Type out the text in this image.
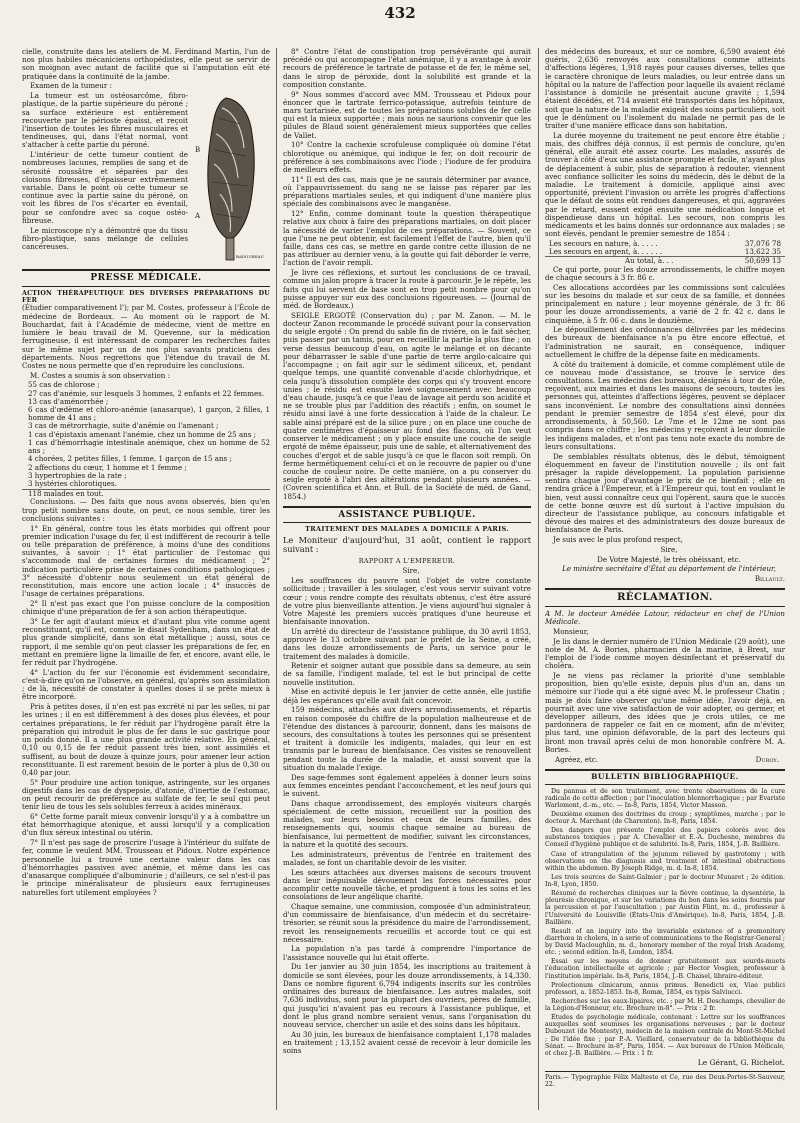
432

cielle, construite dans les ateliers de M. Ferdinand Martin, l'un de nos plus habiles mécaniciens orthopédistes, elle peut se servir de son moignon avec autant de facilité que si l'amputation eût été pratiquée dans la continuité de la jambe.

Examen de la tumeur :

La tumeur est un ostéosarcôme, fibro-plastique, de la partie supérieure du péroné ; sa surface extérieure est entièrement recouverte par le périoste épaissi, et reçoit l'insertion de toutes les fibres musculaires et tendineuses, qui, dans l'état normal, vont s'attacher à cette partie du péroné.

L'intérieur de cette tumeur contient de nombreuses lacunes, remplies de sang et de sérosité roussâtre et séparées par des cloisons fibreuses, d'épaisseur extrêmement variable. Dans le point où cette tumeur se continue avec la partie saine du péroné, on voit les fibres de l'os s'écarter en éventail, pour se confondre avec sa coque ostéo-fibreuse.

Le microscope n'y a démontré que du tissu fibro-plastique, sans mélange de cellules cancéreuses.

A
B
BADOUREAU
PRESSE MÉDICALE.
ACTION THÉRAPEUTIQUE DES DIVERSES PRÉPARATIONS DU FER

(Étudier comparativement l'); par M. Costes, professeur à l'École de médecine de Bordeaux. — Au moment où le rapport de M. Bouchardat, fait à l'Académie de médecine, vient de mettre en lumière le beau travail de M. Quevenne, sur la médication ferrugineuse, il est intéressant de comparer les recherches faites sur le même sujet par un de nos plus savants praticiens des départements. Nous regrettons que l'étendue du travail de M. Costes ne nous permette que d'en reproduire les conclusions.

M. Costes a soumis à son observation :

55 cas de chlorose ;

27 cas d'anémie, sur lesquels 3 hommes, 2 enfants et 22 femmes.

13 cas d'aménorrhée ;

6 cas d'œdème et chloro-anémie (anasarque), 1 garçon, 2 filles, 1 homme de 41 ans ;

3 cas de métrorrhagie, suite d'anémie ou l'amenant ;

1 cas d'épistaxis amenant l'anémie, chez un homme de 25 ans ;

1 cas d'hémorrhagie intestinale anémique, chez un homme de 52 ans ;

4 chorées, 2 petites filles, 1 femme, 1 garçon de 15 ans ;

2 affections du cœur, 1 homme et 1 femme ;

3 hypertrophies de la rate ;

3 hystéries chlorotiques.

118 malades en tout.

Conclusions. — Des faits que nous avons observés, bien qu'en trop petit nombre sans doute, on peut, ce nous semble, tirer les conclusions suivantes :

1° En général, contre tous les états morbides qui offrent pour premier indication l'usage du fer, il est indifférent de recourir à telle ou telle préparation de préférence, à moins d'une des conditions suivantes, à savoir : 1° état particulier de l'estomac qui s'accommode mal de certaines formes du médicament ; 2° indication particulière prise de certaines conditions pathologiques ; 3° nécessité d'obtenir nous seulement un état général de reconstitution, mais encore une action locale ; 4° insuccès de l'usage de certaines préparations.

2° Il n'est pas exact que l'on puisse conclure de la composition chimique d'une préparation de fer à son action thérapeutique.

3° Le fer agit d'autant mieux et d'autant plus vite comme agent reconstituant, qu'il est, comme le disait Sydenham, dans un état de plus grande simplicité, dans son état métallique ; aussi, sous ce rapport, il me semble qu'on peut classer les préparations de fer, en mettant en première ligne la limaille de fer, et encore, avant elle, le fer réduit par l'hydrogène.

4° L'action du fer sur l'économie est évidemment secondaire, c'est-à-dire qu'on ne l'observe, en général, qu'après son assimilation ; de là, nécessité de constater à quelles doses il se prête mieux à être incorporé.

Pris à petites doses, il n'en est pas excrété ni par les selles, ni par les urines ; il en est différemment à des doses plus élevées, et pour certaines préparations, le fer réduit par l'hydrogène paraît être la préparation qui introduit le plus de fer dans le suc gastrique pour un poids donné. Il a une plus grande activité relative. En général, 0,10 ou 0,15 de fer réduit passent très bien, sont assimilés et suffisent, au bout de douze à quinze jours, pour amener leur action reconstituante. Il est rarement besoin de le porter à plus de 0,30 ou 0,40 par jour.

5° Pour produire une action tonique, astringente, sur les organes digestifs dans les cas de dyspepsie, d'atonie, d'inertie de l'estomac, on peut recourir de préférence au sulfate de fer, le seul qui peut tenir lieu de tous les sels solubles ferreux à acides minéraux.

6° Cette forme paraît mieux convenir lorsqu'il y a à combattre un état hémorrhagique atonique, et aussi lorsqu'il y a complication d'un flux séreux intestinal ou utérin.

7° Il n'est pas sage de proscrire l'usage à l'intérieur du sulfate de fer, comme le veulent MM. Trousseau et Pidoux. Notre expérience personnelle lui a trouvé une certaine valeur dans les cas d'hémorrhagies passives avec anémie, et même dans les cas d'anasarque compliquée d'albuminurie ; d'ailleurs, ce sel n'est-il pas le principe minéralisateur de plusieurs eaux ferrugineuses naturelles fort utilement employées ?

8° Contre l'état de constipation trop persévérante qui aurait précédé ou qui accompagne l'état anémique, il y a avantage à avoir recours de préférence le tartrate de potasse et de fer, le même sel, dans le sirop de péroxide, dont la solubilité est grande et la composition constante.

9° Nous sommes d'accord avec MM. Trousseau et Pidoux pour énoncer que le tartrate ferrico-potassique, autrefois teinture de mars tartarisée, est de toutes les préparations solubles de fer celle qui est la mieux supportée ; mais nous ne saurions convenir que les pilules de Blaud soient généralement mieux supportées que celles de Vallet.

10° Contre la cachexie scrofuleuse compliquée où domine l'état chlorotique ou anémique, qui indique le fer, on doit recourir de préférence à ses combinaisons avec l'iode ; l'iodure de fer produira de meilleurs effets.

11° Il est des cas, mais que je ne saurais déterminer par avance, où l'appauvrissement du sang ne se laisse pas réparer par les préparations martiales seules, et qui indiquent d'une manière plus spéciale des combinaisons avec le manganèse.

12° Enfin, comme dominant toute la question thérapeutique relative aux choix à faire des préparations martiales, on doit placer la nécessité de varier l'emploi de ces préparations. — Souvent, ce que l'une ne peut obtenir, est facilement l'effet de l'autre, bien qu'il faille, dans ces cas, se mettre en garde contre cette illusion de ne pas attribuer au dernier venu, à la goutte qui fait déborder le verre, l'action de l'avoir rempli.

Je livre ces réflexions, et surtout les conclusions de ce travail, comme un jalon propre à tracer la route à parcourir. Je le répète, les faits qui lui servent de base sont en trop petit nombre pour qu'on puisse appuyer sur eux des conclusions rigoureuses. — (Journal de méd. de Bordeaux.)

SEIGLE ERGOTÉ (Conservation du) ; par M. Zanon. — M. le docteur Zanon recommande le procédé suivant pour la conservation du seigle ergoté : On prend du sable fin de rivière, on le fait sécher, puis passer par un tamis, pour en recueillir la partie la plus fine ; on verse dessus beaucoup d'eau, on agite le mélange et on décante pour débarrasser le sable d'une partie de terre argilo-calcaire qui l'accompagne ; on fait agir sur le sédiment siliceux, et, pendant quelque temps, une quantité convenable d'acide chlorhydrique, et cela jusqu'à dissolution complète des corps qui s'y trouvent encore unies ; le résidu est ensuite lavé soigneusement avec beaucoup d'eau chaude, jusqu'à ce que l'eau de lavage ait perdu son acidité et ne se trouble plus par l'addition des réactifs ; enfin, on soumet le résidu ainsi lavé à une forte dessiccation à l'aide de la chaleur. Le sable ainsi préparé est de la silice pure ; on en place une couche de quatre centimètres d'épaisseur au fond des flacons, où l'on veut conserver le médicament ; on y place ensuite une couche de seigle ergoté de même épaisseur, puis une de sable, et alternativement des couches d'ergot et de sable jusqu'à ce que le flacon soit rempli. On ferme hermétiquement celui-ci et on le recouvre de papier ou d'une couche de couleur noire. De cette manière, on a pu conserver du seigle ergoté à l'abri des altérations pendant plusieurs années. — (Covren scientifica et Ann. et Bull. de la Société de méd. de Gand, 1854.)

ASSISTANCE PUBLIQUE.
TRAITEMENT DES MALADES A DOMICILE A PARIS.

Le Moniteur d'aujourd'hui, 31 août, contient le rapport suivant :

RAPPORT A L'EMPEREUR.

Sire,

Les souffrances du pauvre sont l'objet de votre constante sollicitude ; travailler à les soulager, c'est vous servir suivant votre cœur ; vous rendre compte des résultats obtenus, c'est être assuré de votre plus bienveillante attention. Je viens aujourd'hui signaler à Votre Majesté les premiers succès pratiques d'une heureuse et bienfaisante innovation.

Un arrêté du directeur de l'assistance publique, du 30 avril 1853, approuvé le 13 octobre suivant par le préfet de la Seine, a créé, dans les douze arrondissements de Paris, un service pour le traitement des malades à domicile.

Retenir et soigner autant que possible dans sa demeure, au sein de sa famille, l'indigent malade, tel est le but principal de cette nouvelle institution.

Mise en activité depuis le 1er janvier de cette année, elle justifie déjà les espérances qu'elle avait fait concevoir.

159 médecins, attachés aux divers arrondissements, et répartis en raison composée du chiffre de la population malheureuse et de l'étendue des distances à parcourir, donnent, dans les maisons de secours, des consultations à toutes les personnes qui se présentent et traitent à domicile les indigents, malades, qui leur en est transmis par le bureau de bienfaisance. Ces visites se renouvellent pendant toute la durée de la maladie, et aussi souvent que la situation du malade l'exige.

Des sage-femmes sont également appelées à donner leurs soins aux femmes enceintes pendant l'accouchement, et les neuf jours qui le suivent.

Dans chaque arrondissement, des employés visiteurs chargés spécialement de cette mission, recueillent sur la position des malades, sur leurs besoins et ceux de leurs familles, des renseignements qui, soumis chaque semaine au bureau de bienfaisance, lui permettent de modifier, suivant les circonstances, la nature et la quotité des secours.

Les administrateurs, préventus de l'entrée en traitement des malades, se font un charitable devoir de les visiter.

Les sœurs attachées aux diverses maisons de secours trouvent dans leur inépuisable dévouement les forces nécessaires pour accomplir cette nouvelle tâche, et prodiguent à tous les soins et les consolations de leur angélique charité.

Chaque semaine, une commission, composée d'un administrateur, d'un commissaire de bienfaisance, d'un médecin et du secrétaire-trésorier, se réunit sous la présidence du maire de l'arrondissement, revoit les renseignements recueillis et accorde tout ce qui est nécessaire.

La population n'a pas tardé à comprendre l'importance de l'assistance nouvelle qui lui était offerte.

Du 1er janvier au 30 juin 1854, les inscriptions au traitement à domicile se sont élevées, pour les douze arrondissements, à 14,330. Dans ce nombre figurent 6,794 indigents inscrits sur les contrôles ordinaires des bureaux de bienfaisance. Les autres malades, soit 7,636 individus, sont pour la plupart des ouvriers, pères de famille, qui jusqu'ici n'avaient pas eu recours à l'assistance publique, et dont le plus grand nombre seraient venus, sans l'organisation du nouveau service, chercher un asile et des soins dans les hôpitaux.

Au 30 juin, les bureaux de bienfaisance comptaient 1,178 malades en traitement ; 13,152 avaient cessé de recevoir à leur domicile les soins

des médecins des bureaux, et sur ce nombre, 6,590 avaient été guéris, 2,636 renvoyés aux consultations comme atteints d'affections légères, 1,918 rayés pour causes diverses, telles que le caractère chronique de leurs maladies, ou leur entrée dans un hôpital ou la nature de l'affection pour laquelle ils avaient réclamé l'assistance à domicile ne présentait aucune gravité ; 1,594 étaient décédés, et 714 avaient été transportés dans les hôpitaux, soit que la nature de la maladie exigeât des soins particuliers, soit que le dénûment ou l'isolement du malade ne permit pas de le traiter d'une manière efficace dans son habitation.

La durée moyenne du traitement ne peut encore être établie ; mais, des chiffres déjà connus, il est permis de conclure, qu'en général, elle aurait été assez courte. Les malades, assurés de trouver à côté d'eux une assistance prompte et facile, n'ayant plus de déplacement à subir, plus de séparation à redouter, viennent avec confiance solliciter les soins du médecin, dès le début de la maladie. Le traitement à domicile, appliqué ainsi avec opportunité, prévient l'invasion ou arrête les progrès d'affections que le défaut de soins eût rendues dangereuses, et qui, aggravées par le retard, eussent exigé ensuite une médication longue et dispendieuse dans un hôpital. Les secours, non compris les médicaments et les bains donnés sur ordonnance aux malades ; se sont élevés, pendant le premier semestre de 1854 :

Les secours en nature, à. . . . .	37,076 78
Les secours en argent, à. . . . . .	13,622 35
Au total, à. . .	50,699 13

Ce qui porte, pour les douze arrondissements, le chiffre moyen de chaque secours à 3 fr. 86 c.

Ces allocations accordées par les commissions sont calculées sur les besoins du malade et sur ceux de sa famille, et données principalement en nature ; leur moyenne générale, de 3 fr. 86 pour les douze arrondissements, a varié de 2 fr. 42 c. dans le cinquième, à 5 fr. 06 c. dans le douzième.

Le dépouillement des ordonnances délivrées par les médecins des bureaux de bienfaisance n'a pu être encore effectué, et l'administration ne saurait, en conséquence, indiquer actuellement le chiffre de la dépense faite en médicaments.

A côté du traitement à domicile, et comme complément utile de ce nouveau mode d'assistance, se trouve le service des consultations. Les médecins des bureaux, désignés à tour de rôle, reçoivent, aux mairies et dans les maisons de secours, toutes les personnes qui, atteintes d'affections légères, peuvent se déplacer sans inconvénient. Le nombre des consultations ainsi données pendant le premier semestre de 1854 s'est élevé, pour dix arrondissements, à 50,560. Le 7me et le 12me ne sont pas compris dans ce chiffre ; les médecins y reçoivent à leur domicile les indigens malades, et n'ont pas tenu note exacte du nombre de leurs consultations.

De semblables résultats obtenus, dès le début, témoignent éloquemment en faveur de l'institution nouvelle ; ils ont fait présager la rapide développement. La population parisienne sentira chaque jour d'avantage le prix de ce bienfait ; elle en rendra grâce à l'Empereur, et à l'Empereur qui, tout en voulant le bien, veut aussi connaître ceux qui l'opèrent, saura que le succès de cette bonne œuvre est dû surtout à l'active impulsion du directeur de l'assistance publique, au concours infatigable et dévoué des maires et des administrateurs des douze bureaux de bienfaisance de Paris.

Je suis avec le plus profond respect,

Sire,

De Votre Majesté, le très obéissant, etc.

Le ministre secrétaire d'État au département de l'intérieur,

Billault.

RÉCLAMATION.

A M. le docteur Amédée Latour, rédacteur en chef de l'Union Médicale.

Monsieur,

Je lis dans le dernier numéro de l'Union Médicale (29 août), une note de M. A. Bories, pharmacien de la marine, à Brest, sur l'emploi de l'iode comme moyen désinfectant et préservatif du choléra.

Je ne viens pas réclamer la priorité d'une semblable proposition, bien qu'elle existe, depuis plus d'un an, dans un mémoire sur l'iode qui a été signé avec M. le professeur Chatin ; mais je dois faire observer qu'une même idée, l'avoir déjà, en pourrait avec une vive satisfaction de voir adopter, ou germer, et développer ailleurs, des idées que je crois utiles, ce me pardonnera de rappeler ce fait en ce moment, afin de m'éviter, plus tard, une opinion défavorable, de la part des lecteurs qui liront mon travail après celui de mon honorable confrère M. A. Bories.

Agréez, etc.	Duroy.
BULLETIN BIBLIOGRAPHIQUE.

Du pannus et de son traitement, avec trente observations de la cure radicale de cette affection ; par l'inoculation blennorrhagique ; par Evariste Warlomont, d.-m., etc. — In-8, Paris, 1854, Victor Masson.

Deuxième examen des doctrines du croup ; symptômes, marche ; par le docteur A. Marchant (de Charenton). In-8, Paris, 1854.

Des dangers que présente l'emploi des papiers colorés avec des substances toxiques ; par A. Chevallier et E.-A. Duchesne, membres du Conseil d'hygiène publique et de salubrité. In-8, Paris, 1854, J.-B. Baillière.

Case of strangulation of the jejunum relieved by gastrotomy ; with observations on the diagnosis and treatment of intestinal obstructions within the abdomen. By Joseph Ridge, m. d. In-8, 1854.

Les trois sources de Saint-Galmier ; par le docteur Munaret ; 2e édition. In-8, Lyon, 1850.

Résumé de recherches cliniques sur la fièvre continue, la dysentérie, la pleurésie chronique, et sur les variations du bon dans les soins fournis par la percussion et par l'auscultation ; par Austin Flint, m. d., professeur à l'Université de Louisville (États-Unis d'Amérique). In-8, Paris, 1854, J.-B. Baillière.

Result of an inquiry into the invariable existence of a premonitory diarrhœa in cholera, in a serie of communications to the Registrar-General ; by David Macloughlin, m. d., honorary member of the royal Irish Academy, etc. ; second edition. In-8, London, 1854.

Essai sur les moyens de donner gratuitement aux sourds-muets l'éducation intellectuelle et agricole ; par Hector Vosgien, professeur à l'institution impériale. In-8, Paris, 1854, J.-B. Chaisel, libraire-éditeur.

Prolectionum clinicarum, annus primus. Benedicti ex, Viae publici professori, a. 1852-1853. In-8, Romæ, 1854, ex typis Salviucci.

Recherches sur les eaux-lipaires, etc. ; par M. H. Deschamps, chevalier de la Légion-d'Honneur, etc. Brochure in-8°. — Prix : 2 fr.

Études de psychologie médicale, contenant : Lettre sur les souffrances auxquelles sont soumises les organisations nerveuses ; par le docteur Dubouzet (de Montesty), médecin de la maison centrale du Mont-St-Michel ; De l'idée fixe ; par P.-A. Vieillard, conservateur de la bibliothèque du Sénat. — Brochure in-8°, Paris, 1854. — Aux bureaux de l'Union Médicale, et chez J.-B. Baillière. — Prix : 1 fr.

Le Gérant, G. Richelot.

Paris.— Typographie Félix Malteste et Ce, rue des Deux-Portes-St-Sauveur, 22.
